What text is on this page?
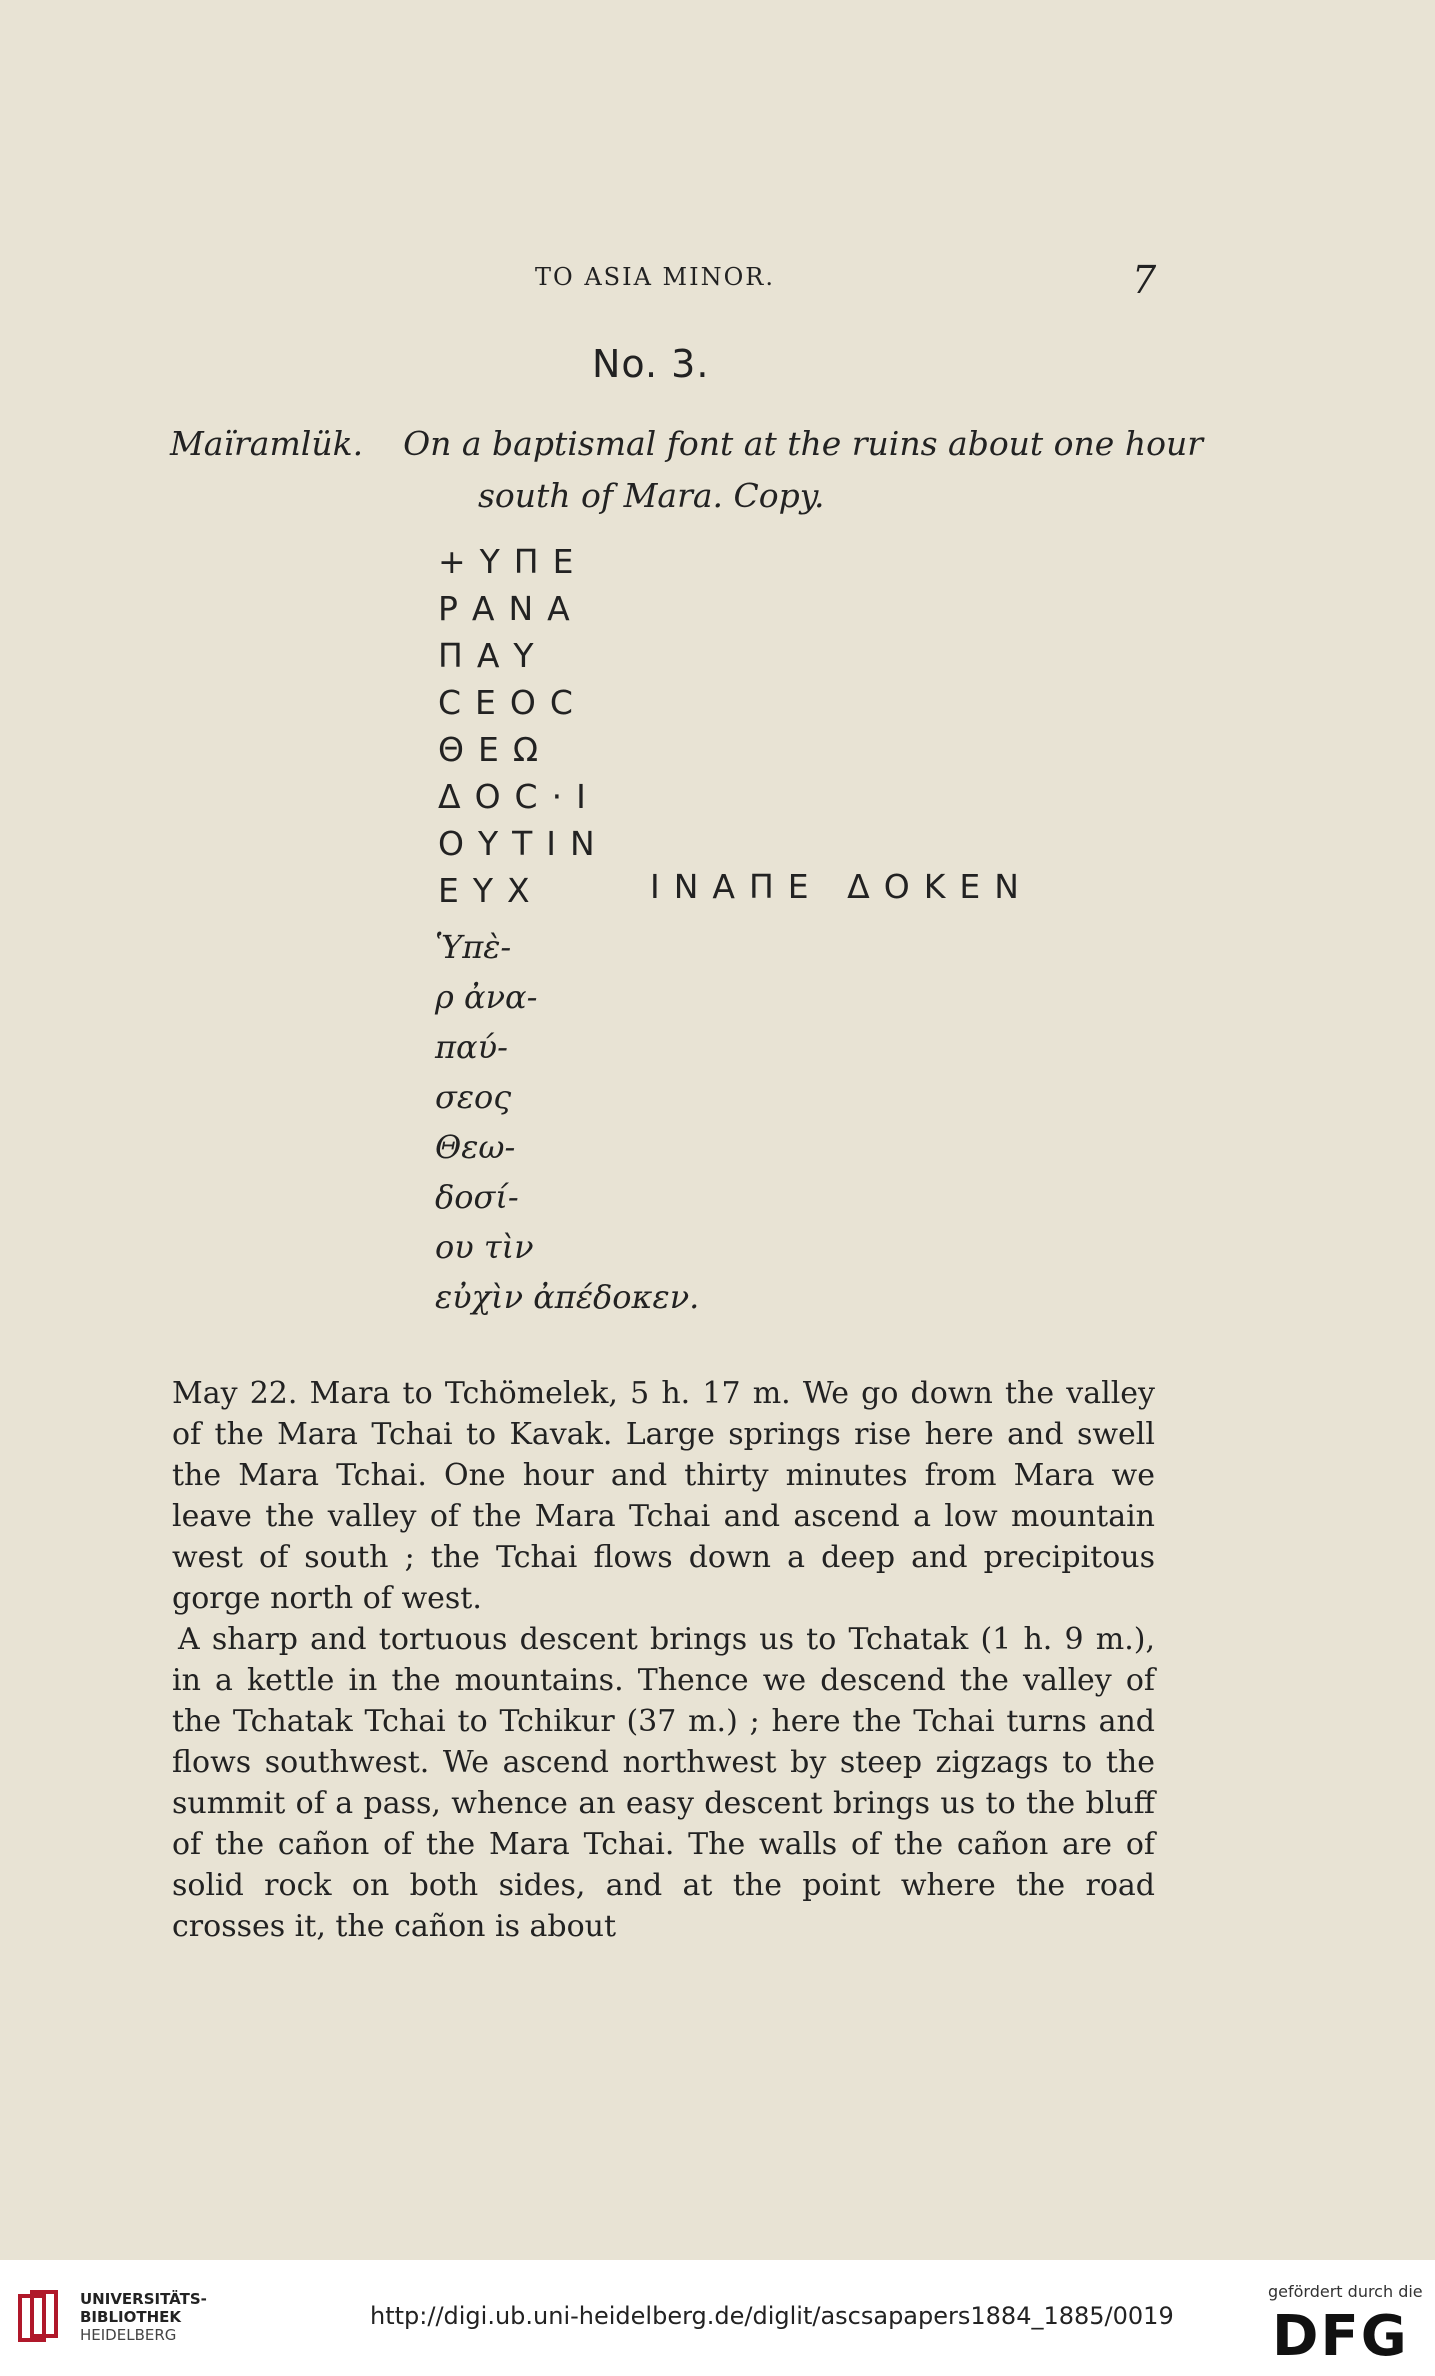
TO ASIA MINOR.	7
No. 3.
Maïramlük. On a baptismal font at the ruins about one hour
south of Mara. Copy.
+ΥΠΕ
ΡΑΝΑ
ΠΑΥ
CΕΟC
ΘΕΩ
ΔΟC·Ι
ΟΥΤΙΝ
ΕΥΧ	ΙΝΑΠΕ ΔΟΚΕΝ
Ὑπὲ-
ρ ἀνα-
παύ-
σεος
Θεω-
δοσί-
ου τὶν
εὐχὶν ἀπέδοκεν.

May 22. Mara to Tchömelek, 5 h. 17 m. We go down the valley of the Mara Tchai to Kavak. Large springs rise here and swell the Mara Tchai. One hour and thirty minutes from Mara we leave the valley of the Mara Tchai and ascend a low mountain west of south ; the Tchai flows down a deep and precipitous gorge north of west.

A sharp and tortuous descent brings us to Tchatak (1 h. 9 m.), in a kettle in the mountains. Thence we descend the valley of the Tchatak Tchai to Tchikur (37 m.) ; here the Tchai turns and flows southwest. We ascend northwest by steep zigzags to the summit of a pass, whence an easy descent brings us to the bluff of the cañon of the Mara Tchai. The walls of the cañon are of solid rock on both sides, and at the point where the road crosses it, the cañon is about

UNIVERSITÄTS-
BIBLIOTHEK
HEIDELBERG
http://digi.ub.uni-heidelberg.de/diglit/ascsapapers1884_1885/0019
gefördert durch die
DFG
